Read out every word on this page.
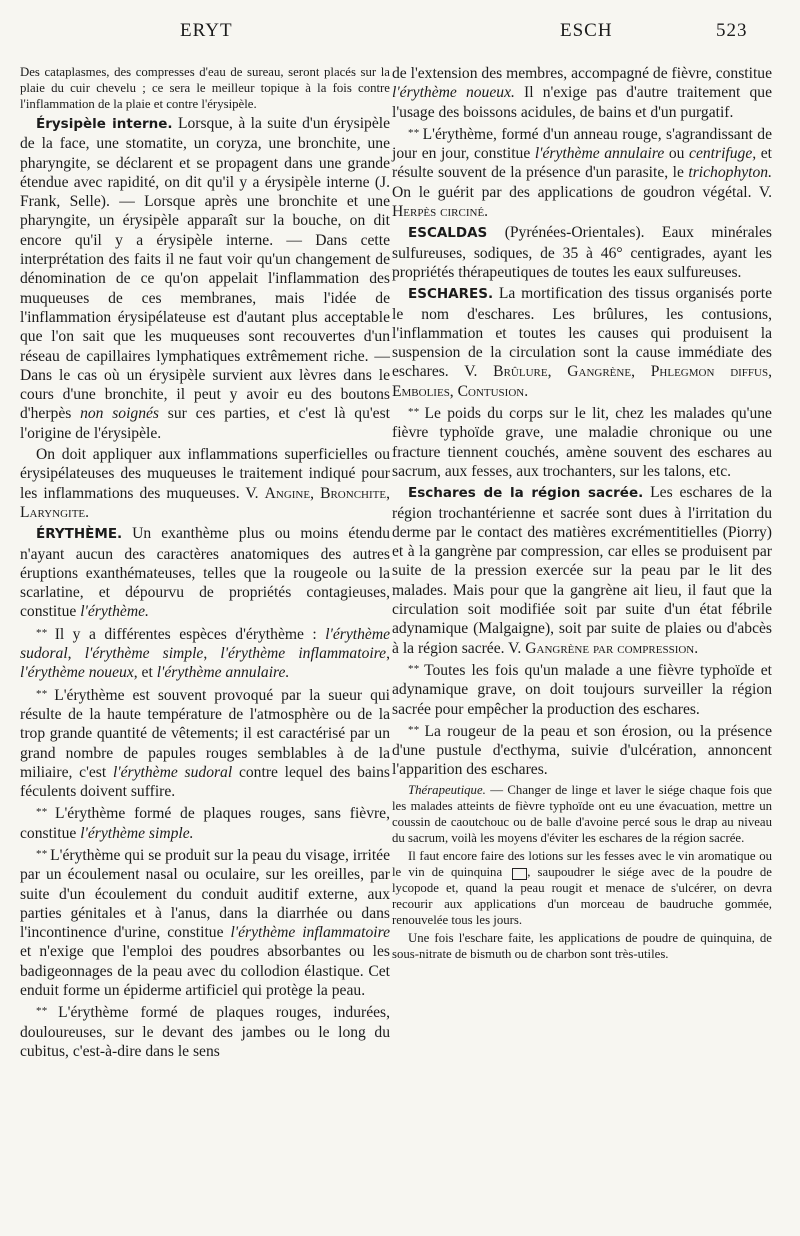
ERYT	ESCH	523

Des cataplasmes, des compresses d'eau de sureau, seront placés sur la plaie du cuir chevelu ; ce sera le meilleur topique à la fois contre l'inflammation de la plaie et contre l'érysipèle.

Érysipèle interne. Lorsque, à la suite d'un érysipèle de la face, une stomatite, un coryza, une bronchite, une pharyngite, se déclarent et se propagent dans une grande étendue avec rapidité, on dit qu'il y a érysipèle interne (J. Frank, Selle). — Lorsque après une bronchite et une pharyngite, un érysipèle apparaît sur la bouche, on dit encore qu'il y a érysipèle interne. — Dans cette interprétation des faits il ne faut voir qu'un changement de dénomination de ce qu'on appelait l'inflammation des muqueuses de ces membranes, mais l'idée de l'inflammation érysipélateuse est d'autant plus acceptable que l'on sait que les muqueuses sont recouvertes d'un réseau de capillaires lymphatiques extrêmement riche. — Dans le cas où un érysipèle survient aux lèvres dans le cours d'une bronchite, il peut y avoir eu des boutons d'herpès non soignés sur ces parties, et c'est là qu'est l'origine de l'érysipèle.

On doit appliquer aux inflammations superficielles ou érysipélateuses des muqueuses le traitement indiqué pour les inflammations des muqueuses. V. Angine, Bronchite, Laryngite.

ÉRYTHÈME. Un exanthème plus ou moins étendu n'ayant aucun des caractères anatomiques des autres éruptions exanthémateuses, telles que la rougeole ou la scarlatine, et dépourvu de propriétés contagieuses, constitue l'érythème.

* * Il y a différentes espèces d'érythème : l'érythème sudoral, l'érythème simple, l'érythème inflammatoire, l'érythème noueux, et l'érythème annulaire.

* * L'érythème est souvent provoqué par la sueur qui résulte de la haute température de l'atmosphère ou de la trop grande quantité de vêtements; il est caractérisé par un grand nombre de papules rouges semblables à de la miliaire, c'est l'érythème sudoral contre lequel des bains féculents doivent suffire.

* * L'érythème formé de plaques rouges, sans fièvre, constitue l'érythème simple.

* * L'érythème qui se produit sur la peau du visage, irritée par un écoulement nasal ou oculaire, sur les oreilles, par suite d'un écoulement du conduit auditif externe, aux parties génitales et à l'anus, dans la diarrhée ou dans l'incontinence d'urine, constitue l'érythème inflammatoire et n'exige que l'emploi des poudres absorbantes ou les badigeonnages de la peau avec du collodion élastique. Cet enduit forme un épiderme artificiel qui protège la peau.

* * L'érythème formé de plaques rouges, indurées, douloureuses, sur le devant des jambes ou le long du cubitus, c'est-à-dire dans le sens

de l'extension des membres, accompagné de fièvre, constitue l'érythème noueux. Il n'exige pas d'autre traitement que l'usage des boissons acidules, de bains et d'un purgatif.

* * L'érythème, formé d'un anneau rouge, s'agrandissant de jour en jour, constitue l'érythème annulaire ou centrifuge, et résulte souvent de la présence d'un parasite, le trichophyton. On le guérit par des applications de goudron végétal. V. Herpès circiné.

ESCALDAS (Pyrénées-Orientales). Eaux minérales sulfureuses, sodiques, de 35 à 46° centigrades, ayant les propriétés thérapeutiques de toutes les eaux sulfureuses.

ESCHARES. La mortification des tissus organisés porte le nom d'eschares. Les brûlures, les contusions, l'inflammation et toutes les causes qui produisent la suspension de la circulation sont la cause immédiate des eschares. V. Brûlure, Gangrène, Phlegmon diffus, Embolies, Contusion.

* * Le poids du corps sur le lit, chez les malades qu'une fièvre typhoïde grave, une maladie chronique ou une fracture tiennent couchés, amène souvent des eschares au sacrum, aux fesses, aux trochanters, sur les talons, etc.

Eschares de la région sacrée. Les eschares de la région trochantérienne et sacrée sont dues à l'irritation du derme par le contact des matières excrémentitielles (Piorry) et à la gangrène par compression, car elles se produisent par suite de la pression exercée sur la peau par le lit des malades. Mais pour que la gangrène ait lieu, il faut que la circulation soit modifiée soit par suite d'un état fébrile adynamique (Malgaigne), soit par suite de plaies ou d'abcès à la région sacrée. V. Gangrène par compression.

* * Toutes les fois qu'un malade a une fièvre typhoïde et adynamique grave, on doit toujours surveiller la région sacrée pour empêcher la production des eschares.

* * La rougeur de la peau et son érosion, ou la présence d'une pustule d'ecthyma, suivie d'ulcération, annoncent l'apparition des eschares.

Thérapeutique. — Changer de linge et laver le siége chaque fois que les malades atteints de fièvre typhoïde ont eu une évacuation, mettre un coussin de caoutchouc ou de balle d'avoine percé sous le drap au niveau du sacrum, voilà les moyens d'éviter les eschares de la région sacrée.

Il faut encore faire des lotions sur les fesses avec le vin aromatique ou le vin de quinquina , saupoudrer le siége avec de la poudre de lycopode et, quand la peau rougit et menace de s'ulcérer, on devra recourir aux applications d'un morceau de baudruche gommée, renouvelée tous les jours.

Une fois l'eschare faite, les applications de poudre de quinquina, de sous-nitrate de bismuth ou de charbon sont très-utiles.
